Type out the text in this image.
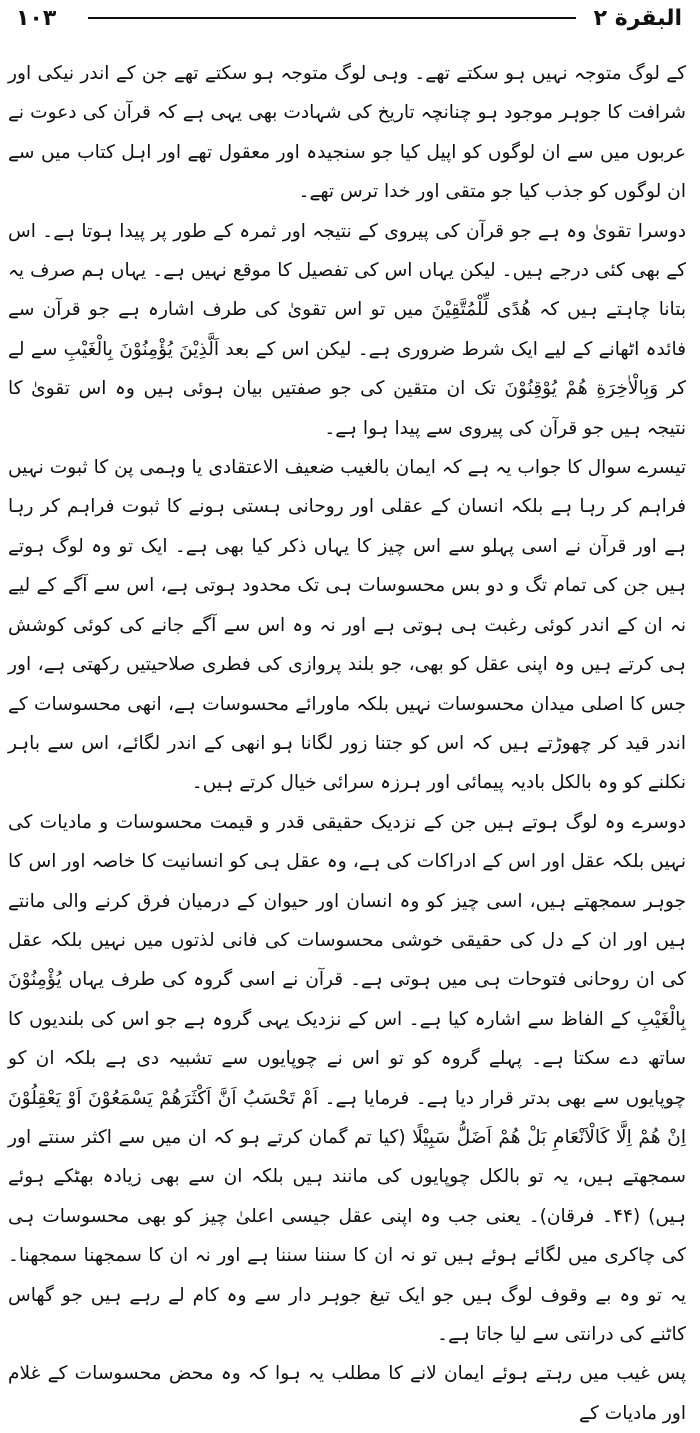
۱۰۳	البقرة ۲

کے لوگ متوجہ نہیں ہو سکتے تھے۔ وہی لوگ متوجہ ہو سکتے تھے جن کے اندر نیکی اور شرافت کا جوہر موجود ہو چنانچہ تاریخ کی شہادت بھی یہی ہے کہ قرآن کی دعوت نے عربوں میں سے ان لوگوں کو اپیل کیا جو سنجیدہ اور معقول تھے اور اہل کتاب میں سے ان لوگوں کو جذب کیا جو متقی اور خدا ترس تھے۔

دوسرا تقویٰ وہ ہے جو قرآن کی پیروی کے نتیجہ اور ثمرہ کے طور پر پیدا ہوتا ہے۔ اس کے بھی کئی درجے ہیں۔ لیکن یہاں اس کی تفصیل کا موقع نہیں ہے۔ یہاں ہم صرف یہ بتانا چاہتے ہیں کہ ھُدًی لِّلْمُتَّقِیْنَ میں تو اس تقویٰ کی طرف اشارہ ہے جو قرآن سے فائدہ اٹھانے کے لیے ایک شرط ضروری ہے۔ لیکن اس کے بعد اَلَّذِیْنَ یُؤْمِنُوْنَ بِالْغَیْبِ سے لے کر وَبِالْاٰخِرَةِ هُمْ یُوْقِنُوْنَ تک ان متقین کی جو صفتیں بیان ہوئی ہیں وہ اس تقویٰ کا نتیجہ ہیں جو قرآن کی پیروی سے پیدا ہوا ہے۔

تیسرے سوال کا جواب یہ ہے کہ ایمان بالغیب ضعیف الاعتقادی یا وہمی پن کا ثبوت نہیں فراہم کر رہا ہے بلکہ انسان کے عقلی اور روحانی ہستی ہونے کا ثبوت فراہم کر رہا ہے اور قرآن نے اسی پہلو سے اس چیز کا یہاں ذکر کیا بھی ہے۔ ایک تو وہ لوگ ہوتے ہیں جن کی تمام تگ و دو بس محسوسات ہی تک محدود ہوتی ہے، اس سے آگے کے لیے نہ ان کے اندر کوئی رغبت ہی ہوتی ہے اور نہ وہ اس سے آگے جانے کی کوئی کوشش ہی کرتے ہیں وہ اپنی عقل کو بھی، جو بلند پروازی کی فطری صلاحیتیں رکھتی ہے، اور جس کا اصلی میدان محسوسات نہیں بلکہ ماورائے محسوسات ہے، انھی محسوسات کے اندر قید کر چھوڑتے ہیں کہ اس کو جتنا زور لگانا ہو انھی کے اندر لگائے، اس سے باہر نکلنے کو وہ بالکل بادیہ پیمائی اور ہرزہ سرائی خیال کرتے ہیں۔

دوسرے وہ لوگ ہوتے ہیں جن کے نزدیک حقیقی قدر و قیمت محسوسات و مادیات کی نہیں بلکہ عقل اور اس کے ادراکات کی ہے، وہ عقل ہی کو انسانیت کا خاصہ اور اس کا جوہر سمجھتے ہیں، اسی چیز کو وہ انسان اور حیوان کے درمیان فرق کرنے والی مانتے ہیں اور ان کے دل کی حقیقی خوشی محسوسات کی فانی لذتوں میں نہیں بلکہ عقل کی ان روحانی فتوحات ہی میں ہوتی ہے۔ قرآن نے اسی گروہ کی طرف یہاں یُؤْمِنُوْنَ بِالْغَیْبِ کے الفاظ سے اشارہ کیا ہے۔ اس کے نزدیک یہی گروہ ہے جو اس کی بلندیوں کا ساتھ دے سکتا ہے۔ پہلے گروہ کو تو اس نے چوپایوں سے تشبیہ دی ہے بلکہ ان کو چوپایوں سے بھی بدتر قرار دیا ہے۔ فرمایا ہے۔ اَمْ تَحْسَبُ اَنَّ اَکْثَرَهُمْ یَسْمَعُوْنَ اَوْ یَعْقِلُوْنَ اِنْ هُمْ اِلَّا کَالْاَنْعَامِ بَلْ هُمْ اَضَلُّ سَبِیْلًا (کیا تم گمان کرتے ہو کہ ان میں سے اکثر سنتے اور سمجھتے ہیں، یہ تو بالکل چوپایوں کی مانند ہیں بلکہ ان سے بھی زیادہ بھٹکے ہوئے ہیں) (۴۴۔ فرقان)۔ یعنی جب وہ اپنی عقل جیسی اعلیٰ چیز کو بھی محسوسات ہی کی چاکری میں لگائے ہوئے ہیں تو نہ ان کا سننا سننا ہے اور نہ ان کا سمجھنا سمجھنا۔ یہ تو وہ بے وقوف لوگ ہیں جو ایک تیغ جوہر دار سے وہ کام لے رہے ہیں جو گھاس کاٹنے کی درانتی سے لیا جاتا ہے۔

پس غیب میں رہتے ہوئے ایمان لانے کا مطلب یہ ہوا کہ وہ محض محسوسات کے غلام اور مادیات کے
